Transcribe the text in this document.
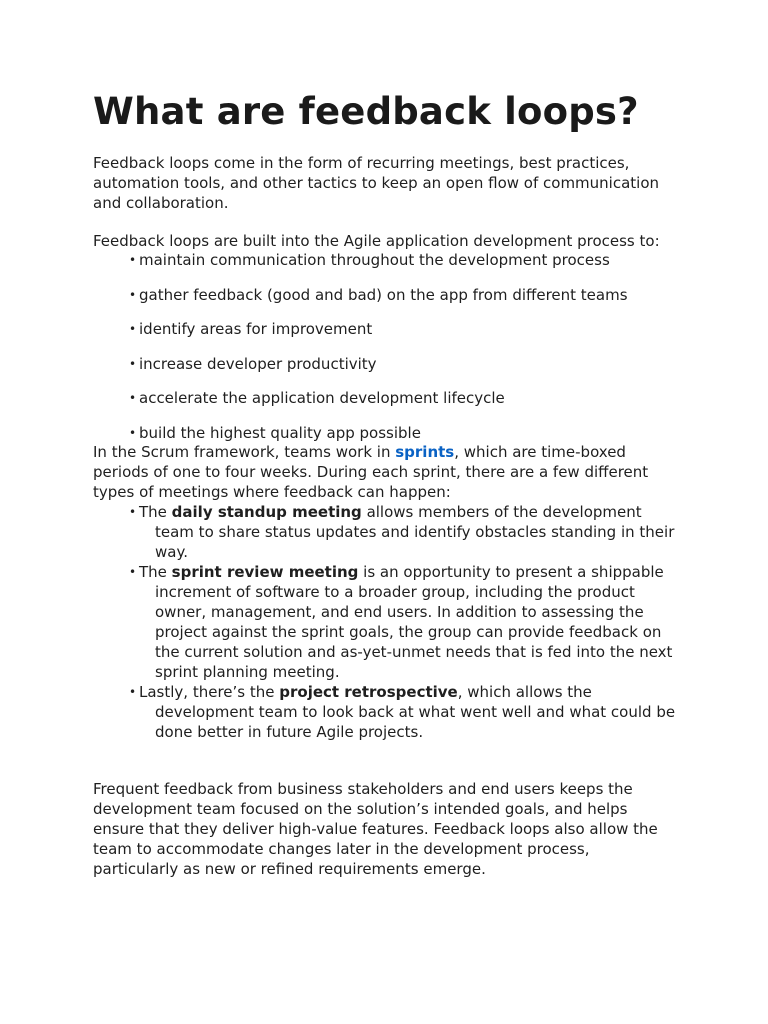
What are feedback loops?

Feedback loops come in the form of recurring meetings, best practices, automation tools, and other tactics to keep an open flow of communication and collaboration.

Feedback loops are built into the Agile application development process to:

• maintain communication throughout the development process
• gather feedback (good and bad) on the app from different teams
• identify areas for improvement
• increase developer productivity
• accelerate the application development lifecycle
• build the highest quality app possible

In the Scrum framework, teams work in sprints, which are time-boxed periods of one to four weeks. During each sprint, there are a few different types of meetings where feedback can happen:

• The daily standup meeting allows members of the development team to share status updates and identify obstacles standing in their way.
• The sprint review meeting is an opportunity to present a shippable increment of software to a broader group, including the product owner, management, and end users. In addition to assessing the project against the sprint goals, the group can provide feedback on the current solution and as-yet-unmet needs that is fed into the next sprint planning meeting.
• Lastly, there’s the project retrospective, which allows the development team to look back at what went well and what could be done better in future Agile projects.

Frequent feedback from business stakeholders and end users keeps the development team focused on the solution’s intended goals, and helps ensure that they deliver high-value features. Feedback loops also allow the team to accommodate changes later in the development process, particularly as new or refined requirements emerge.
